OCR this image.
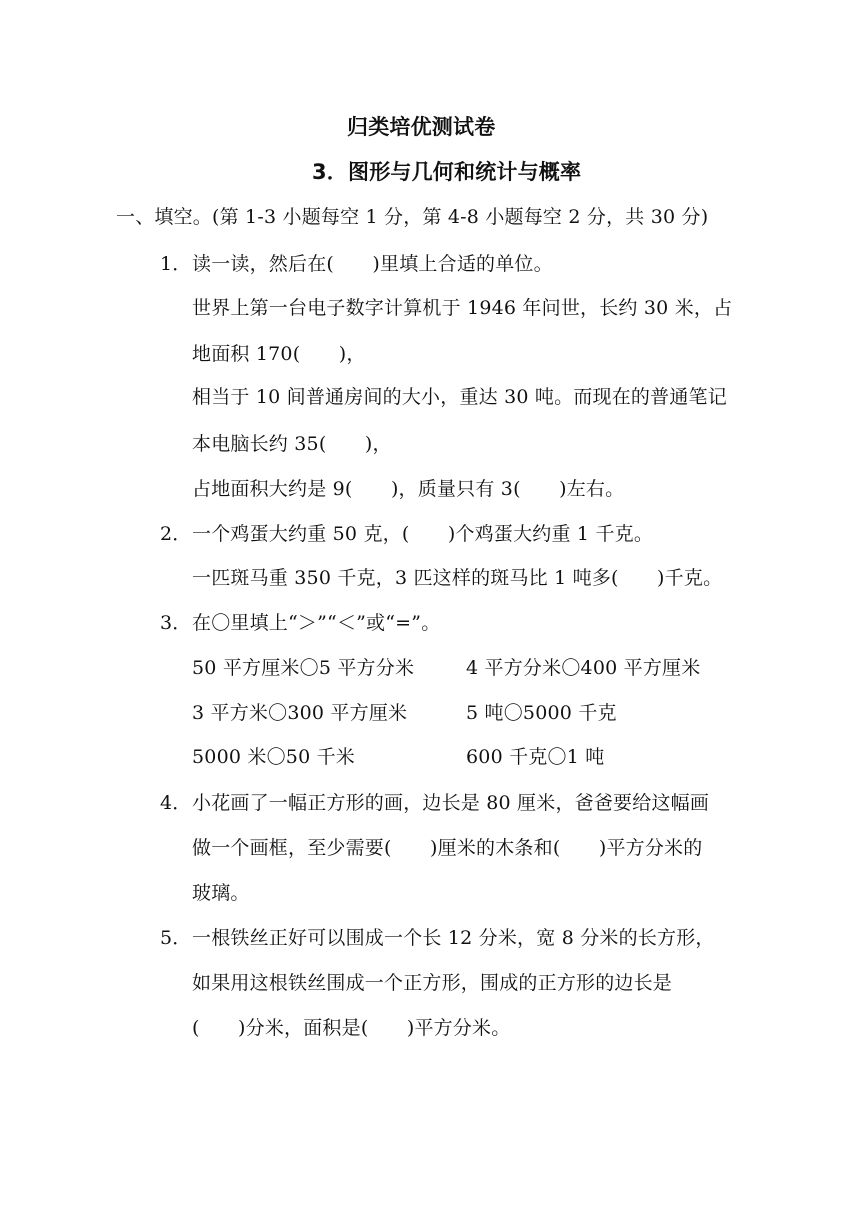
归类培优测试卷
3．图形与几何和统计与概率
一、填空。(第 1-3 小题每空 1 分，第 4-8 小题每空 2 分，共 30 分)
1． 读一读，然后在(　　)里填上合适的单位。
世界上第一台电子数字计算机于 1946 年问世，长约 30 米，占
地面积 170(　　)，
相当于 10 间普通房间的大小，重达 30 吨。而现在的普通笔记
本电脑长约 35(　　)，
占地面积大约是 9(　　)，质量只有 3(　　)左右。
2． 一个鸡蛋大约重 50 克，(　　)个鸡蛋大约重 1 千克。
一匹斑马重 350 千克，3 匹这样的斑马比 1 吨多(　　)千克。
3． 在〇里填上“＞”“＜”或“=”。
50 平方厘米〇5 平方分米	4 平方分米〇400 平方厘米
3 平方米〇300 平方厘米	5 吨〇5000 千克
5000 米〇50 千米	600 千克〇1 吨
4． 小花画了一幅正方形的画，边长是 80 厘米，爸爸要给这幅画
做一个画框，至少需要(　　)厘米的木条和(　　)平方分米的
玻璃。
5． 一根铁丝正好可以围成一个长 12 分米，宽 8 分米的长方形，
如果用这根铁丝围成一个正方形，围成的正方形的边长是
(　　)分米，面积是(　　)平方分米。
